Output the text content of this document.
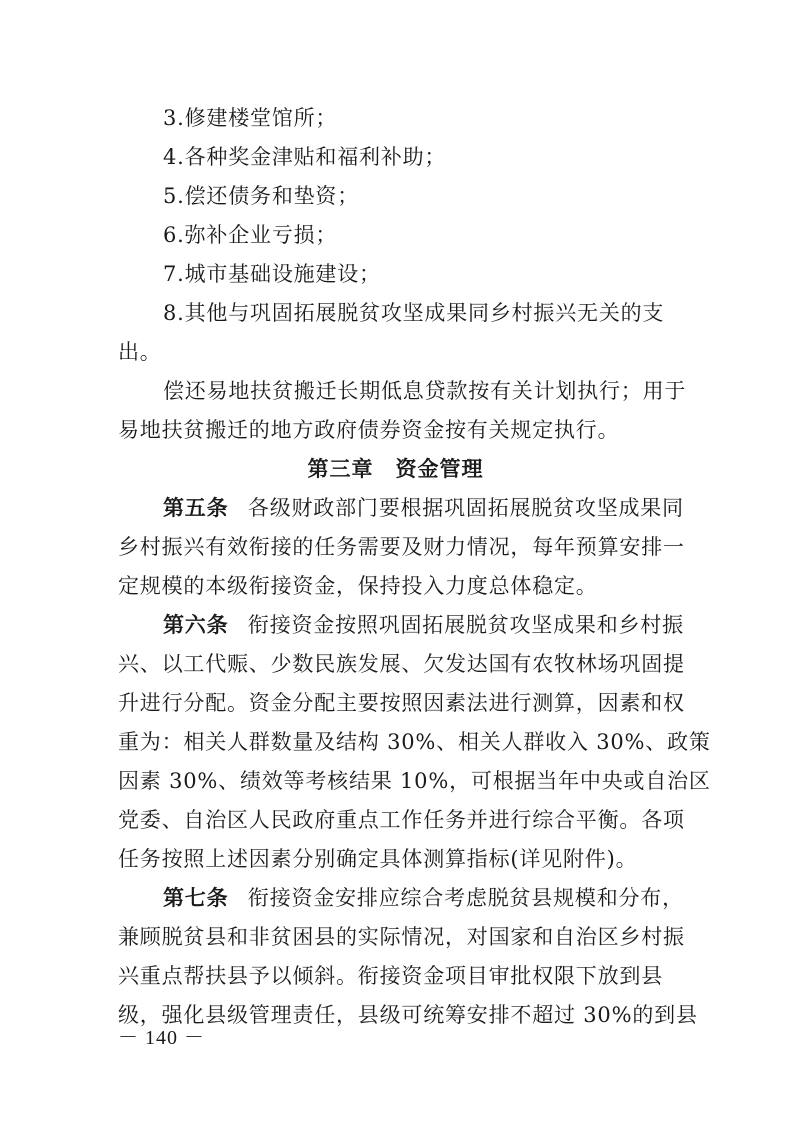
3.修建楼堂馆所；
4.各种奖金津贴和福利补助；
5.偿还债务和垫资；
6.弥补企业亏损；
7.城市基础设施建设；
8.其他与巩固拓展脱贫攻坚成果同乡村振兴无关的支
出。
偿还易地扶贫搬迁长期低息贷款按有关计划执行；用于
易地扶贫搬迁的地方政府债券资金按有关规定执行。
第三章　资金管理
第五条 各级财政部门要根据巩固拓展脱贫攻坚成果同
乡村振兴有效衔接的任务需要及财力情况，每年预算安排一
定规模的本级衔接资金，保持投入力度总体稳定。
第六条 衔接资金按照巩固拓展脱贫攻坚成果和乡村振
兴、以工代赈、少数民族发展、欠发达国有农牧林场巩固提
升进行分配。资金分配主要按照因素法进行测算，因素和权
重为：相关人群数量及结构 30%、相关人群收入 30%、政策
因素 30%、绩效等考核结果 10%，可根据当年中央或自治区
党委、自治区人民政府重点工作任务并进行综合平衡。各项
任务按照上述因素分别确定具体测算指标(详见附件)。
第七条 衔接资金安排应综合考虑脱贫县规模和分布，
兼顾脱贫县和非贫困县的实际情况，对国家和自治区乡村振
兴重点帮扶县予以倾斜。衔接资金项目审批权限下放到县
级，强化县级管理责任，县级可统筹安排不超过 30%的到县
－ 140 －
